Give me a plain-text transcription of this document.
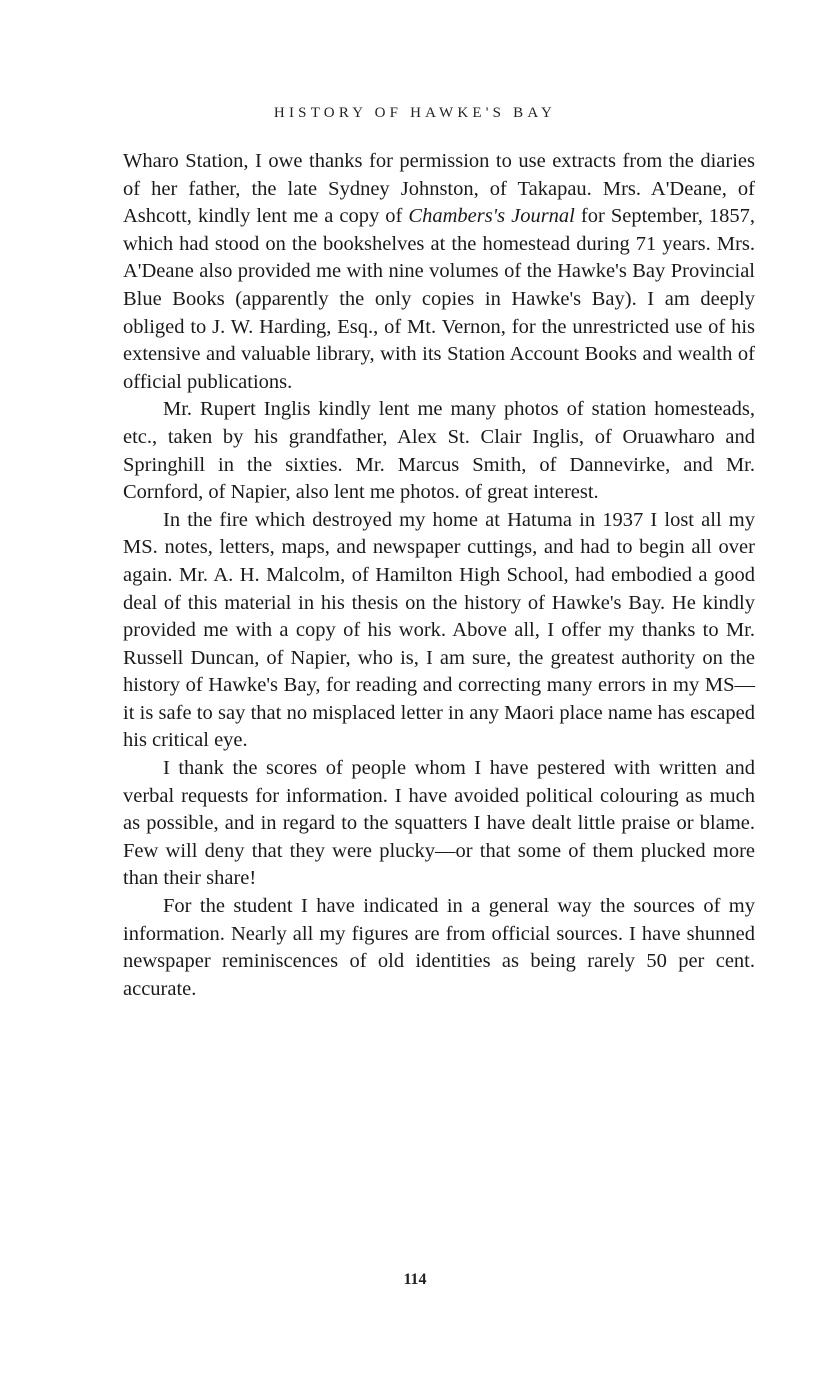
HISTORY OF HAWKE'S BAY

Wharo Station, I owe thanks for permission to use extracts from the diaries of her father, the late Sydney Johnston, of Takapau. Mrs. A'Deane, of Ashcott, kindly lent me a copy of Chambers's Journal for September, 1857, which had stood on the bookshelves at the homestead during 71 years. Mrs. A'Deane also provided me with nine volumes of the Hawke's Bay Provincial Blue Books (apparently the only copies in Hawke's Bay). I am deeply obliged to J. W. Harding, Esq., of Mt. Vernon, for the unrestricted use of his extensive and valuable library, with its Station Account Books and wealth of official publications.

Mr. Rupert Inglis kindly lent me many photos of station homesteads, etc., taken by his grandfather, Alex St. Clair Inglis, of Oruawharo and Springhill in the sixties. Mr. Marcus Smith, of Dannevirke, and Mr. Cornford, of Napier, also lent me photos. of great interest.

In the fire which destroyed my home at Hatuma in 1937 I lost all my MS. notes, letters, maps, and newspaper cuttings, and had to begin all over again. Mr. A. H. Malcolm, of Hamilton High School, had embodied a good deal of this material in his thesis on the history of Hawke's Bay. He kindly provided me with a copy of his work. Above all, I offer my thanks to Mr. Russell Duncan, of Napier, who is, I am sure, the greatest authority on the history of Hawke's Bay, for reading and correcting many errors in my MS—it is safe to say that no misplaced letter in any Maori place name has escaped his critical eye.

I thank the scores of people whom I have pestered with written and verbal requests for information. I have avoided political colouring as much as possible, and in regard to the squatters I have dealt little praise or blame. Few will deny that they were plucky—or that some of them plucked more than their share!

For the student I have indicated in a general way the sources of my information. Nearly all my figures are from official sources. I have shunned newspaper reminiscences of old identities as being rarely 50 per cent. accurate.

114
